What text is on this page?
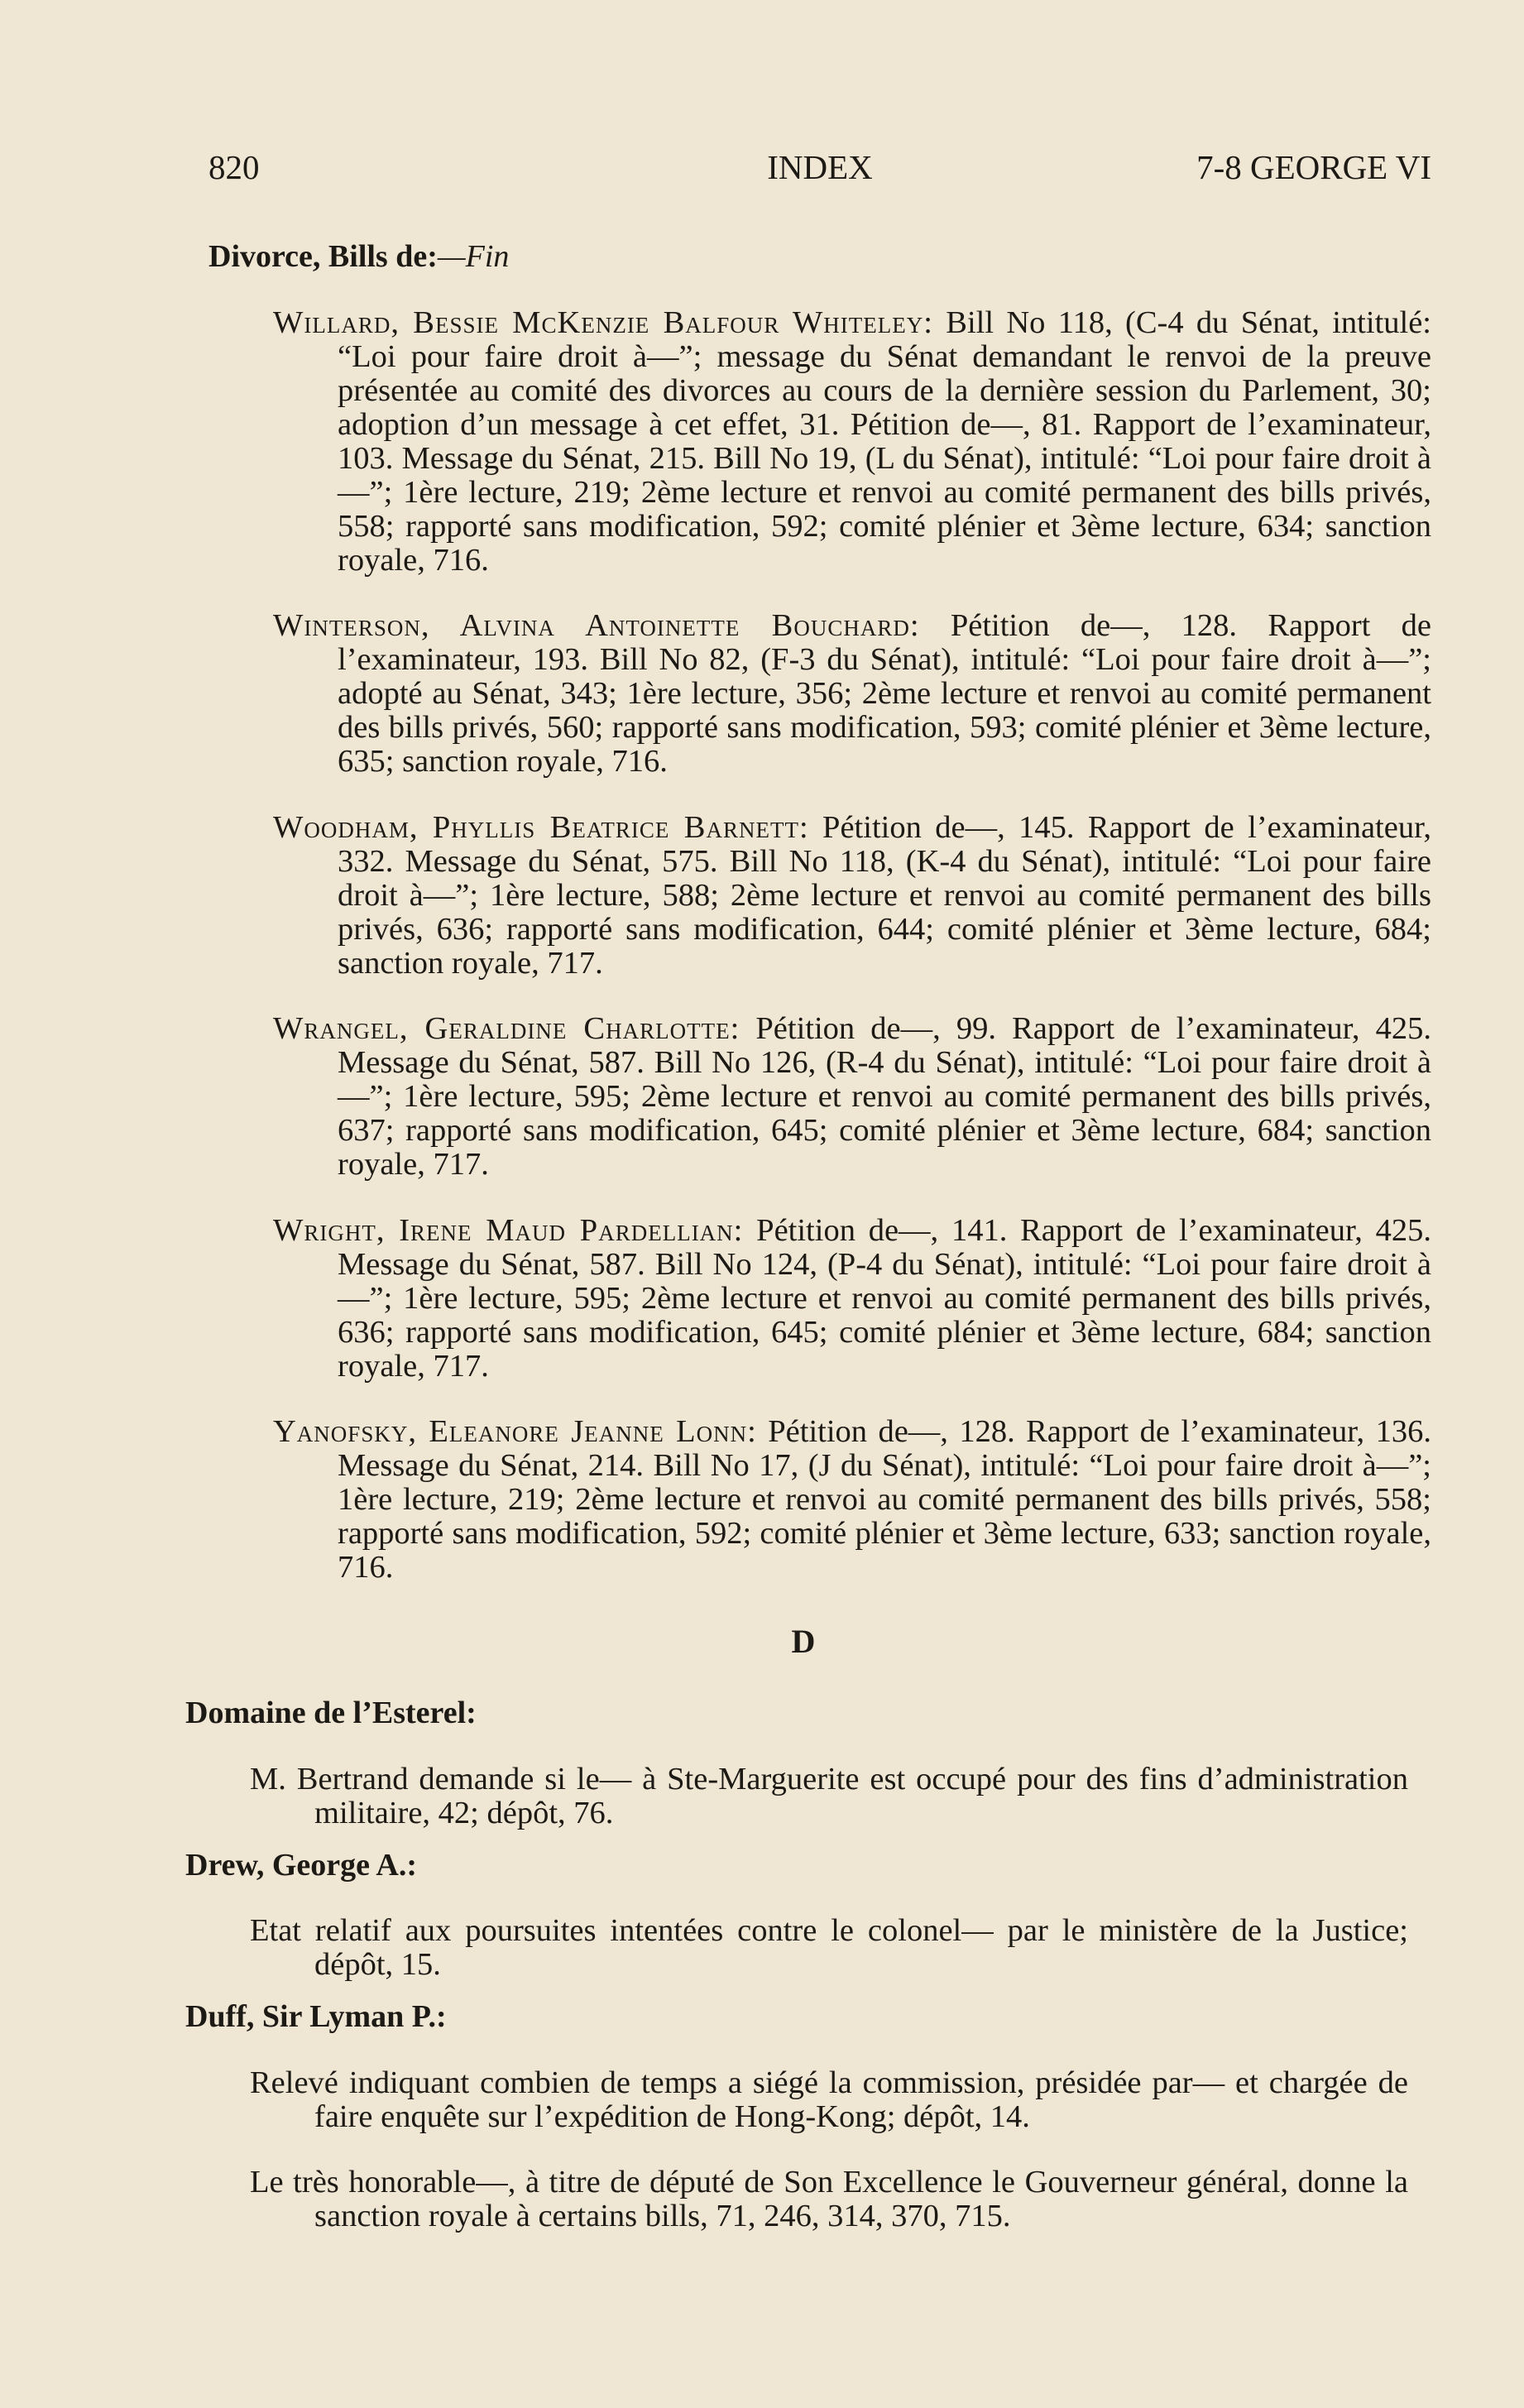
820	INDEX	7-8 GEORGE VI
Divorce, Bills de:—Fin

Willard, Bessie McKenzie Balfour Whiteley: Bill No 118, (C-4 du Sénat, intitulé: “Loi pour faire droit à—”; message du Sénat demandant le renvoi de la preuve présentée au comité des divorces au cours de la dernière session du Parlement, 30; adoption d’un message à cet effet, 31. Pétition de—, 81. Rapport de l’examinateur, 103. Message du Sénat, 215. Bill No 19, (L du Sénat), intitulé: “Loi pour faire droit à—”; 1ère lecture, 219; 2ème lecture et renvoi au comité permanent des bills privés, 558; rapporté sans modification, 592; comité plénier et 3ème lecture, 634; sanction royale, 716.

Winterson, Alvina Antoinette Bouchard: Pétition de—, 128. Rapport de l’examinateur, 193. Bill No 82, (F-3 du Sénat), intitulé: “Loi pour faire droit à—”; adopté au Sénat, 343; 1ère lecture, 356; 2ème lecture et renvoi au comité permanent des bills privés, 560; rapporté sans modification, 593; comité plénier et 3ème lecture, 635; sanction royale, 716.

Woodham, Phyllis Beatrice Barnett: Pétition de—, 145. Rapport de l’examinateur, 332. Message du Sénat, 575. Bill No 118, (K-4 du Sénat), intitulé: “Loi pour faire droit à—”; 1ère lecture, 588; 2ème lecture et renvoi au comité permanent des bills privés, 636; rapporté sans modification, 644; comité plénier et 3ème lecture, 684; sanction royale, 717.

Wrangel, Geraldine Charlotte: Pétition de—, 99. Rapport de l’examinateur, 425. Message du Sénat, 587. Bill No 126, (R-4 du Sénat), intitulé: “Loi pour faire droit à—”; 1ère lecture, 595; 2ème lecture et renvoi au comité permanent des bills privés, 637; rapporté sans modification, 645; comité plénier et 3ème lecture, 684; sanction royale, 717.

Wright, Irene Maud Pardellian: Pétition de—, 141. Rapport de l’examinateur, 425. Message du Sénat, 587. Bill No 124, (P-4 du Sénat), intitulé: “Loi pour faire droit à—”; 1ère lecture, 595; 2ème lecture et renvoi au comité permanent des bills privés, 636; rapporté sans modification, 645; comité plénier et 3ème lecture, 684; sanction royale, 717.

Yanofsky, Eleanore Jeanne Lonn: Pétition de—, 128. Rapport de l’examinateur, 136. Message du Sénat, 214. Bill No 17, (J du Sénat), intitulé: “Loi pour faire droit à—”; 1ère lecture, 219; 2ème lecture et renvoi au comité permanent des bills privés, 558; rapporté sans modification, 592; comité plénier et 3ème lecture, 633; sanction royale, 716.

D
Domaine de l’Esterel:

M. Bertrand demande si le— à Ste-Marguerite est occupé pour des fins d’administration militaire, 42; dépôt, 76.

Drew, George A.:

Etat relatif aux poursuites intentées contre le colonel— par le ministère de la Justice; dépôt, 15.

Duff, Sir Lyman P.:

Relevé indiquant combien de temps a siégé la commission, présidée par— et chargée de faire enquête sur l’expédition de Hong-Kong; dépôt, 14.

Le très honorable—, à titre de député de Son Excellence le Gouverneur général, donne la sanction royale à certains bills, 71, 246, 314, 370, 715.
